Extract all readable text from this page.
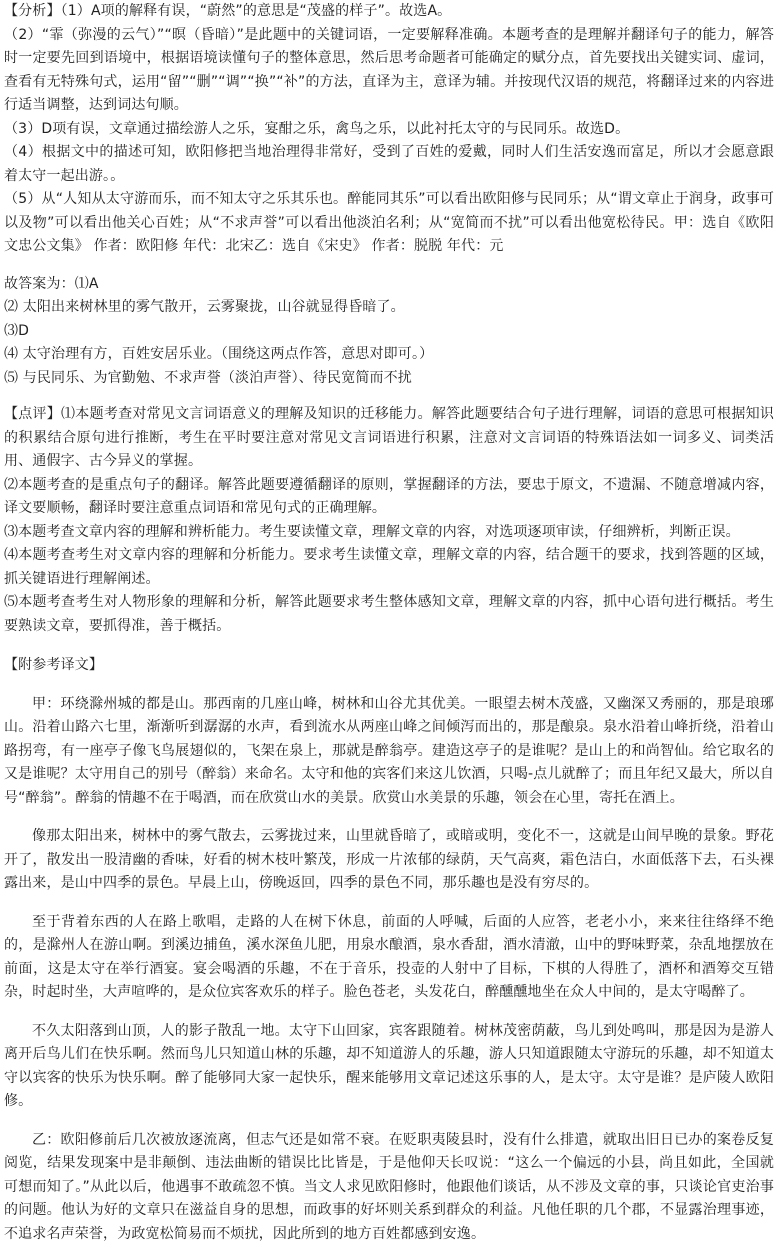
【分析】（1）A项的解释有误，“蔚然”的意思是“茂盛的样子”。故选A。

（2）“霏（弥漫的云气）”“暝（昏暗）”是此题中的关键词语，一定要解释准确。本题考查的是理解并翻译句子的能力，解答时一定要先回到语境中，根据语境读懂句子的整体意思，然后思考命题者可能确定的赋分点，首先要找出关键实词、虚词，查看有无特殊句式，运用“留”“删”“调”“换”“补”的方法，直译为主，意译为辅。并按现代汉语的规范，将翻译过来的内容进行适当调整，达到词达句顺。

（3）D项有误，文章通过描绘游人之乐，宴酣之乐，禽鸟之乐，以此衬托太守的与民同乐。故选D。

（4）根据文中的描述可知，欧阳修把当地治理得非常好，受到了百姓的爱戴，同时人们生活安逸而富足，所以才会愿意跟着太守一起出游。。

（5）从“人知从太守游而乐，而不知太守之乐其乐也。醉能同其乐”可以看出欧阳修与民同乐；从“谓文章止于润身，政事可以及物”可以看出他关心百姓；从“不求声誉”可以看出他淡泊名利；从“宽简而不扰”可以看出他宽松待民。甲：选自《欧阳文忠公文集》 作者：欧阳修 年代：北宋乙：选自《宋史》 作者：脱脱 年代：元

故答案为：⑴A

⑵ 太阳出来树林里的雾气散开，云雾聚拢，山谷就显得昏暗了。

⑶D

⑷ 太守治理有方，百姓安居乐业。（围绕这两点作答，意思对即可。）

⑸ 与民同乐、为官勤勉、不求声誉（淡泊声誉）、待民宽简而不扰

【点评】⑴本题考查对常见文言词语意义的理解及知识的迁移能力。解答此题要结合句子进行理解，词语的意思可根据知识的积累结合原句进行推断，考生在平时要注意对常见文言词语进行积累，注意对文言词语的特殊语法如一词多义、词类活用、通假字、古今异义的掌握。

⑵本题考查的是重点句子的翻译。解答此题要遵循翻译的原则，掌握翻译的方法，要忠于原文，不遗漏、不随意增减内容，译文要顺畅，翻译时要注意重点词语和常见句式的正确理解。

⑶本题考查文章内容的理解和辨析能力。考生要读懂文章，理解文章的内容，对选项逐项审读，仔细辨析，判断正误。

⑷本题考查考生对文章内容的理解和分析能力。要求考生读懂文章，理解文章的内容，结合题干的要求，找到答题的区域，抓关键语进行理解阐述。

⑸本题考查考生对人物形象的理解和分析，解答此题要求考生整体感知文章，理解文章的内容，抓中心语句进行概括。考生要熟读文章，要抓得准，善于概括。

【附参考译文】

甲：环绕滁州城的都是山。那西南的几座山峰，树林和山谷尤其优美。一眼望去树木茂盛，又幽深又秀丽的，那是琅琊山。沿着山路六七里，渐渐听到潺潺的水声，看到流水从两座山峰之间倾泻而出的，那是酿泉。泉水沿着山峰折绕，沿着山路拐弯，有一座亭子像飞鸟展翅似的，飞架在泉上，那就是醉翁亭。建造这亭子的是谁呢？是山上的和尚智仙。给它取名的又是谁呢？太守用自己的别号（醉翁）来命名。太守和他的宾客们来这儿饮酒，只喝-点儿就醉了；而且年纪又最大，所以自号“醉翁”。醉翁的情趣不在于喝酒，而在欣赏山水的美景。欣赏山水美景的乐趣，领会在心里，寄托在酒上。

像那太阳出来，树林中的雾气散去，云雾拢过来，山里就昏暗了，或暗或明，变化不一，这就是山间早晚的景象。野花开了，散发出一股清幽的香味，好看的树木枝叶繁茂，形成一片浓郁的绿荫，天气高爽，霜色洁白，水面低落下去，石头裸露出来，是山中四季的景色。早晨上山，傍晚返回，四季的景色不同，那乐趣也是没有穷尽的。

至于背着东西的人在路上歌唱，走路的人在树下休息，前面的人呼喊，后面的人应答，老老小小，来来往往络绎不绝的，是滁州人在游山啊。到溪边捕鱼，溪水深鱼儿肥，用泉水酿酒，泉水香甜，酒水清澈，山中的野味野菜，杂乱地摆放在前面，这是太守在举行酒宴。宴会喝酒的乐趣，不在于音乐，投壶的人射中了目标，下棋的人得胜了，酒杯和酒筹交互错杂，时起时坐，大声喧哗的，是众位宾客欢乐的样子。脸色苍老，头发花白，醉醺醺地坐在众人中间的，是太守喝醉了。

不久太阳落到山顶，人的影子散乱一地。太守下山回家，宾客跟随着。树林茂密荫蔽，鸟儿到处鸣叫，那是因为是游人离开后鸟儿们在快乐啊。然而鸟儿只知道山林的乐趣，却不知道游人的乐趣，游人只知道跟随太守游玩的乐趣，却不知道太守以宾客的快乐为快乐啊。醉了能够同大家一起快乐，醒来能够用文章记述这乐事的人，是太守。太守是谁？是庐陵人欧阳修。

乙：欧阳修前后几次被放逐流离，但志气还是如常不衰。在贬职夷陵县时，没有什么排遣，就取出旧日已办的案卷反复阅览，结果发现案中是非颠倒、违法曲断的错误比比皆是，于是他仰天长叹说：“这么一个偏远的小县，尚且如此，全国就可想而知了。”从此以后，他遇事不敢疏忽不慎。当文人求见欧阳修时，他跟他们谈话，从不涉及文章的事，只谈论官吏治事的问题。他认为好的文章只在滋益自身的思想，而政事的好坏则关系到群众的利益。凡他任职的几个郡，不显露治理事迹，不追求名声荣誉，为政宽松简易而不烦扰，因此所到的地方百姓都感到安逸。
